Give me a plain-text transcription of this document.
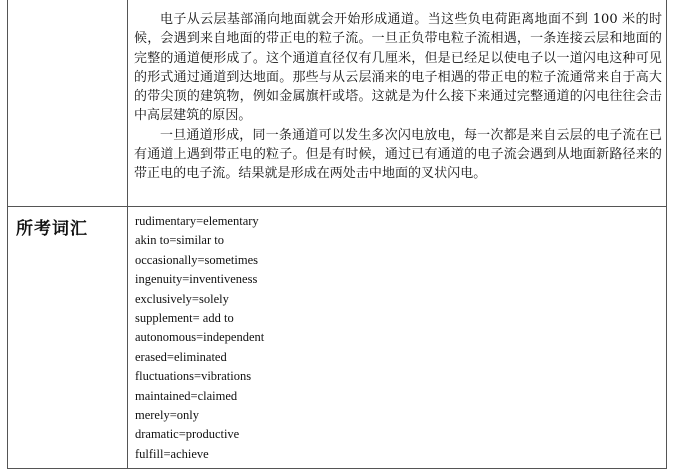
电子从云层基部涌向地面就会开始形成通道。当这些负电荷距离地面不到 100 米的时候，会遇到来自地面的带正电的粒子流。一旦正负带电粒子流相遇，一条连接云层和地面的完整的通道便形成了。这个通道直径仅有几厘米，但是已经足以使电子以一道闪电这种可见的形式通过通道到达地面。那些与从云层涌来的电子相遇的带正电的粒子流通常来自于高大的带尖顶的建筑物，例如金属旗杆或塔。这就是为什么接下来通过完整通道的闪电往往会击中高层建筑的原因。

一旦通道形成，同一条通道可以发生多次闪电放电，每一次都是来自云层的电子流在已有通道上遇到带正电的粒子。但是有时候，通过已有通道的电子流会遇到从地面新路径来的带正电的电子流。结果就是形成在两处击中地面的叉状闪电。

所考词汇	rudimentary=elementary
akin to=similar to
occasionally=sometimes
ingenuity=inventiveness
exclusively=solely
supplement= add to
autonomous=independent
erased=eliminated
fluctuations=vibrations
maintained=claimed
merely=only
dramatic=productive
fulfill=achieve
